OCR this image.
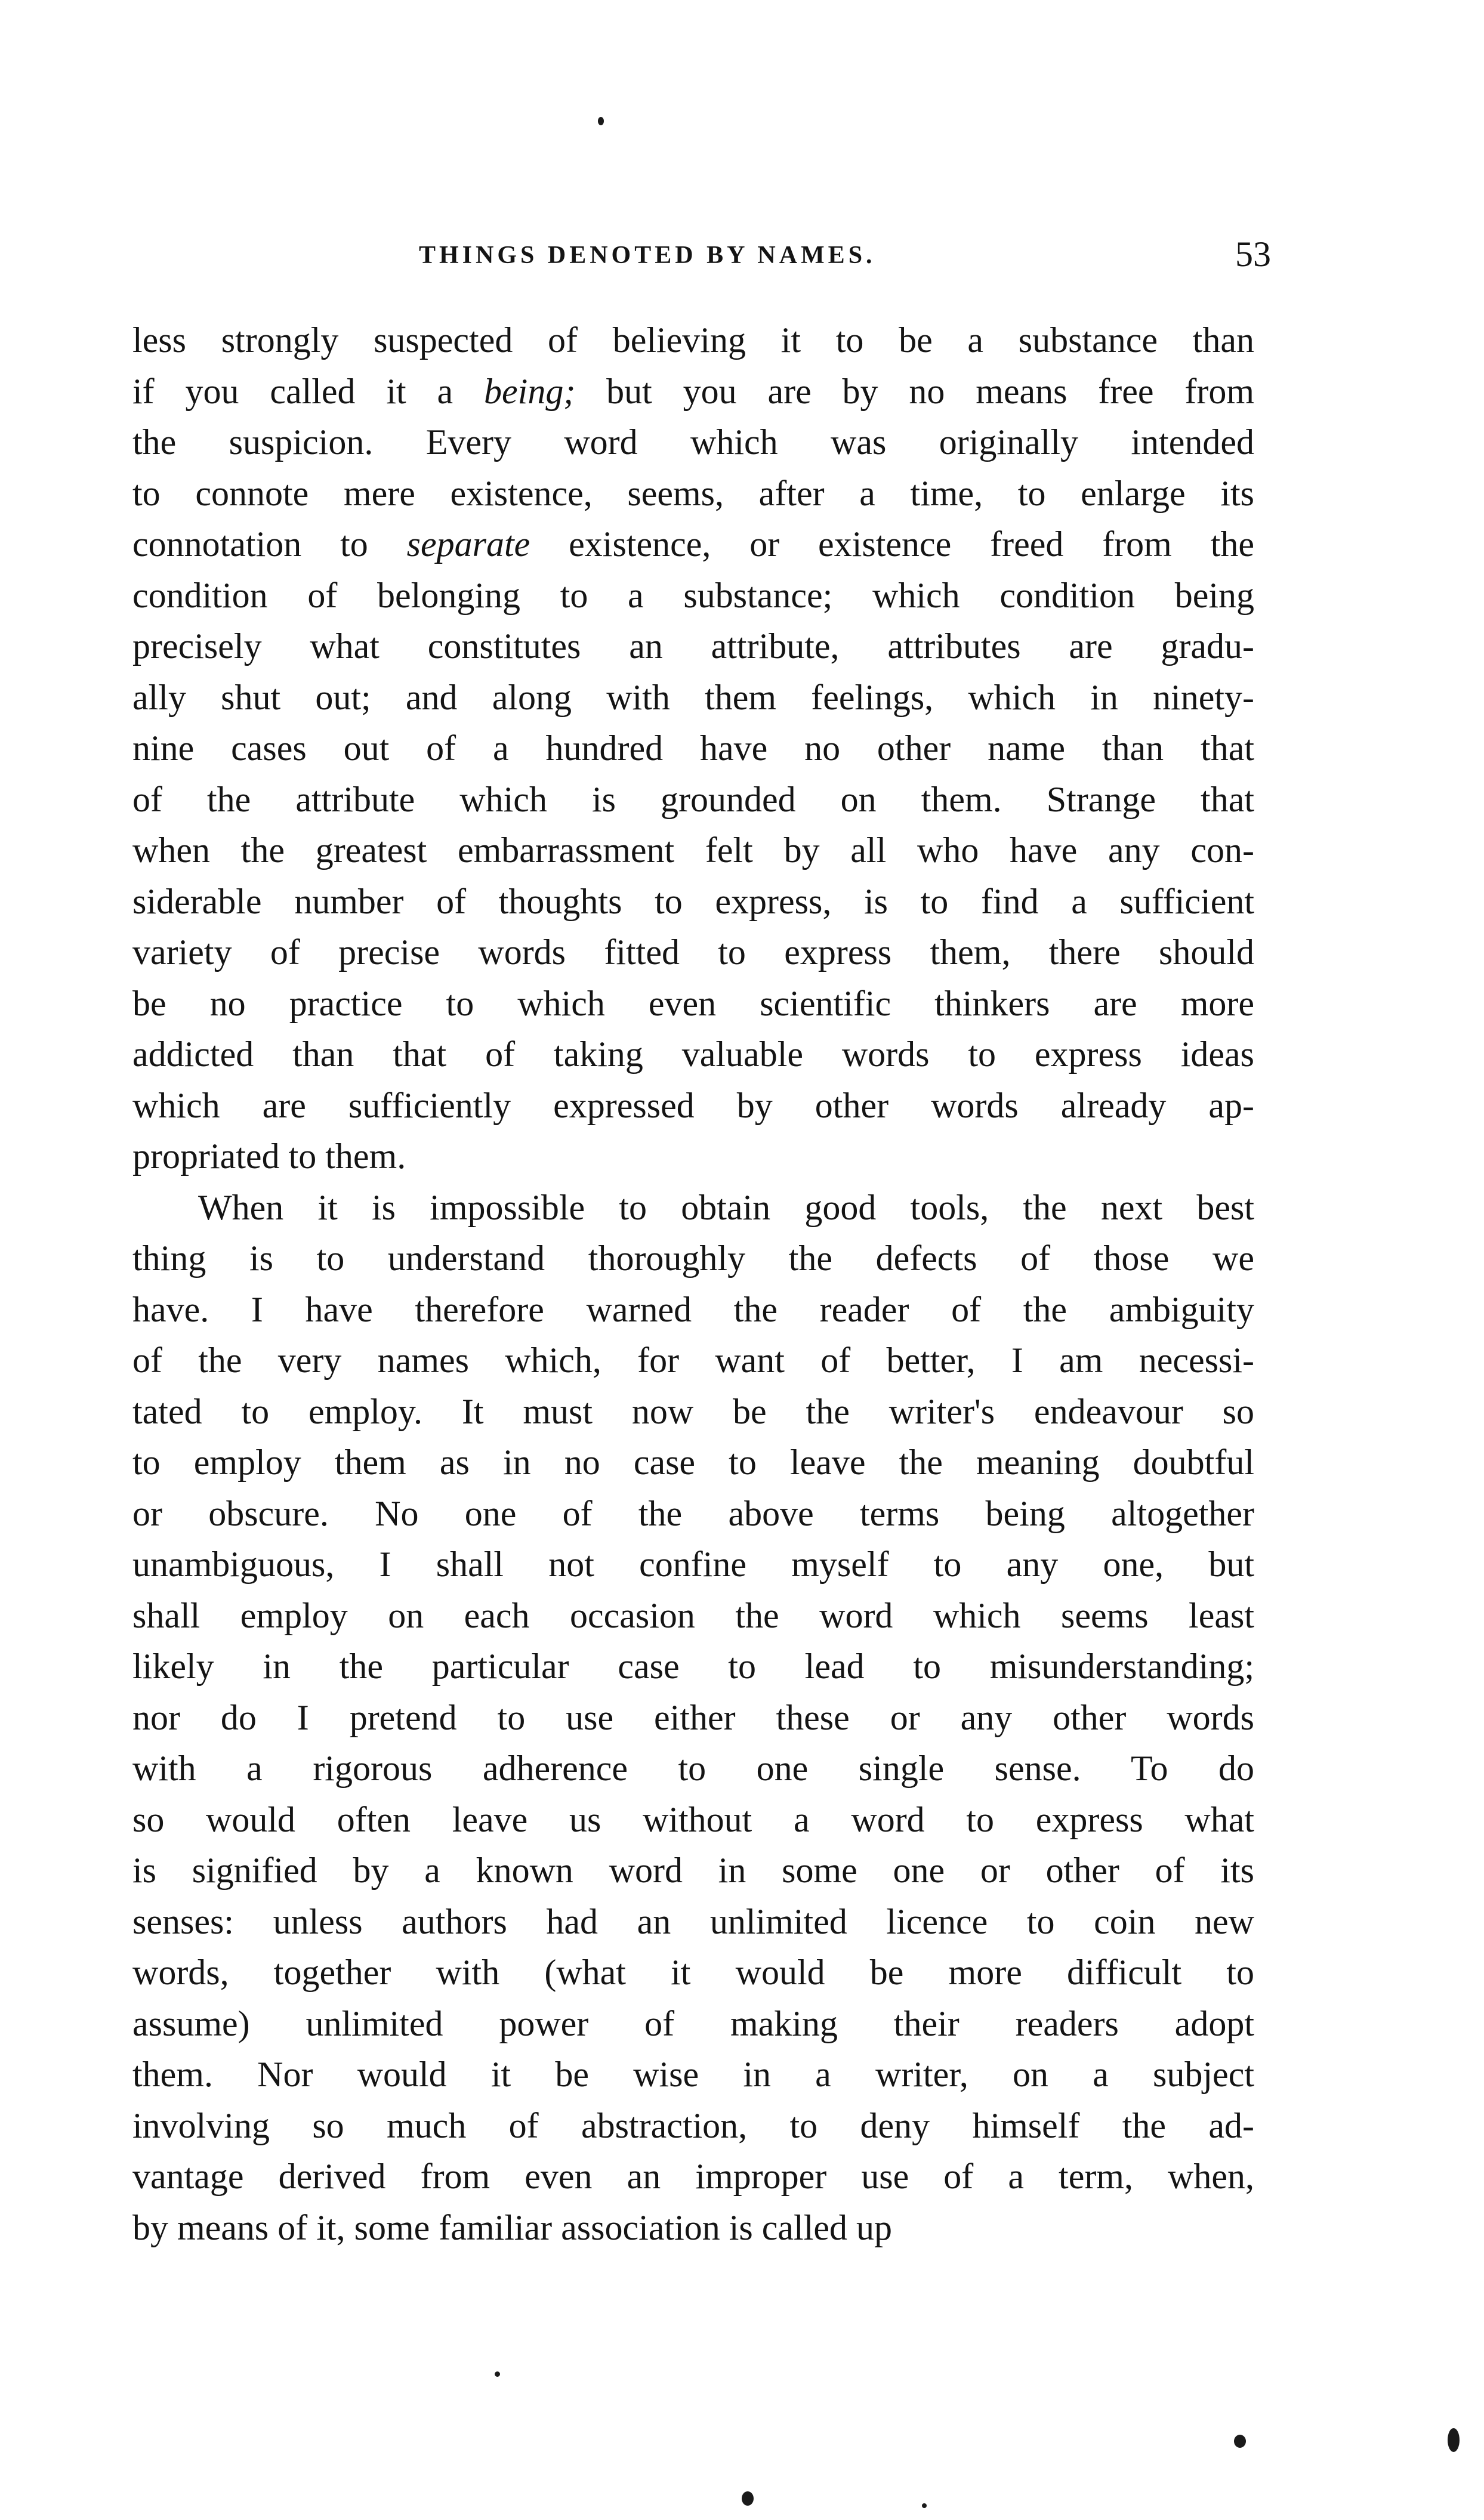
THINGS DENOTED BY NAMES.	53
less strongly suspected of believing it to be a substance than
if you called it a being; but you are by no means free from
the suspicion. Every word which was originally intended
to connote mere existence, seems, after a time, to enlarge its
connotation to separate existence, or existence freed from the
condition of belonging to a substance; which condition being
precisely what constitutes an attribute, attributes are gradu-
ally shut out; and along with them feelings, which in ninety-
nine cases out of a hundred have no other name than that
of the attribute which is grounded on them. Strange that
when the greatest embarrassment felt by all who have any con-
siderable number of thoughts to express, is to find a sufficient
variety of precise words fitted to express them, there should
be no practice to which even scientific thinkers are more
addicted than that of taking valuable words to express ideas
which are sufficiently expressed by other words already ap-
propriated to them.
When it is impossible to obtain good tools, the next best
thing is to understand thoroughly the defects of those we
have. I have therefore warned the reader of the ambiguity
of the very names which, for want of better, I am necessi-
tated to employ. It must now be the writer's endeavour so
to employ them as in no case to leave the meaning doubtful
or obscure. No one of the above terms being altogether
unambiguous, I shall not confine myself to any one, but
shall employ on each occasion the word which seems least
likely in the particular case to lead to misunderstanding;
nor do I pretend to use either these or any other words
with a rigorous adherence to one single sense. To do
so would often leave us without a word to express what
is signified by a known word in some one or other of its
senses: unless authors had an unlimited licence to coin new
words, together with (what it would be more difficult to
assume) unlimited power of making their readers adopt
them. Nor would it be wise in a writer, on a subject
involving so much of abstraction, to deny himself the ad-
vantage derived from even an improper use of a term, when,
by means of it, some familiar association is called up
